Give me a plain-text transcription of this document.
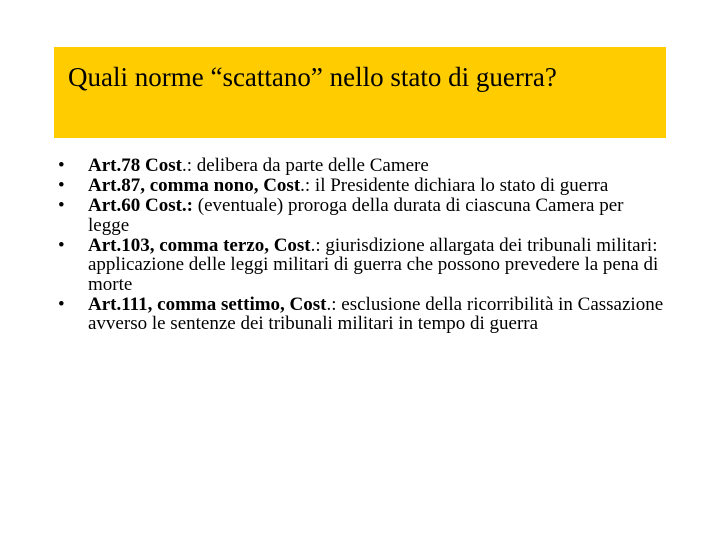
Quali norme “scattano” nello stato di guerra?
•	Art.78 Cost.: delibera da parte delle Camere
•	Art.87, comma nono, Cost.: il Presidente dichiara lo stato di guerra
•	Art.60 Cost.: (eventuale) proroga della durata di ciascuna Camera per legge
•	Art.103, comma terzo, Cost.: giurisdizione allargata dei tribunali militari: applicazione delle leggi militari di guerra che possono prevedere la pena di morte
•	Art.111, comma settimo, Cost.: esclusione della ricorribilità in Cassazione avverso le sentenze dei tribunali militari in tempo di guerra
